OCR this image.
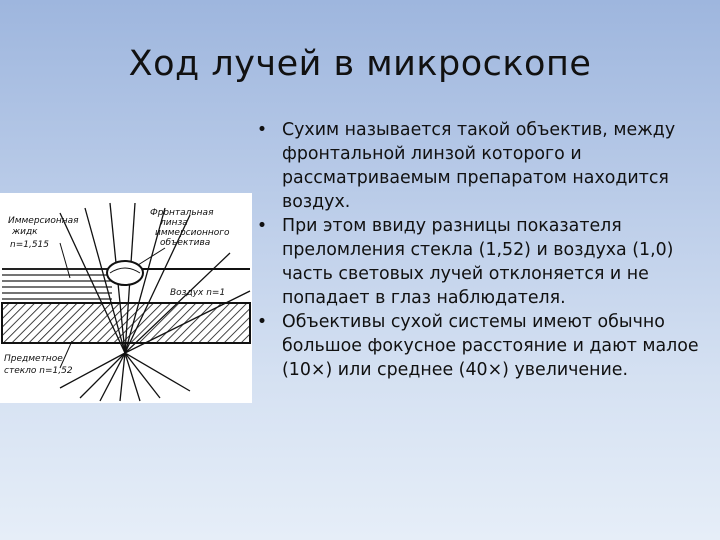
Ход лучей в микроскопе
Иммерсионная
жидк
n=1,515
Фронтальная
линза
иммерсионного
объектива
Воздух n=1
Предметное
стекло n=1,52
• Сухим называется такой объектив, между фронтальной линзой которого и рассматриваемым препаратом находится воздух.
• При этом ввиду разницы показателя преломления стекла (1,52) и воздуха (1,0) часть световых лучей отклоняется и не попадает в глаз наблюдателя.
• Объективы сухой системы имеют обычно большое фокусное расстояние и дают малое (10×) или среднее (40×) увеличение.
